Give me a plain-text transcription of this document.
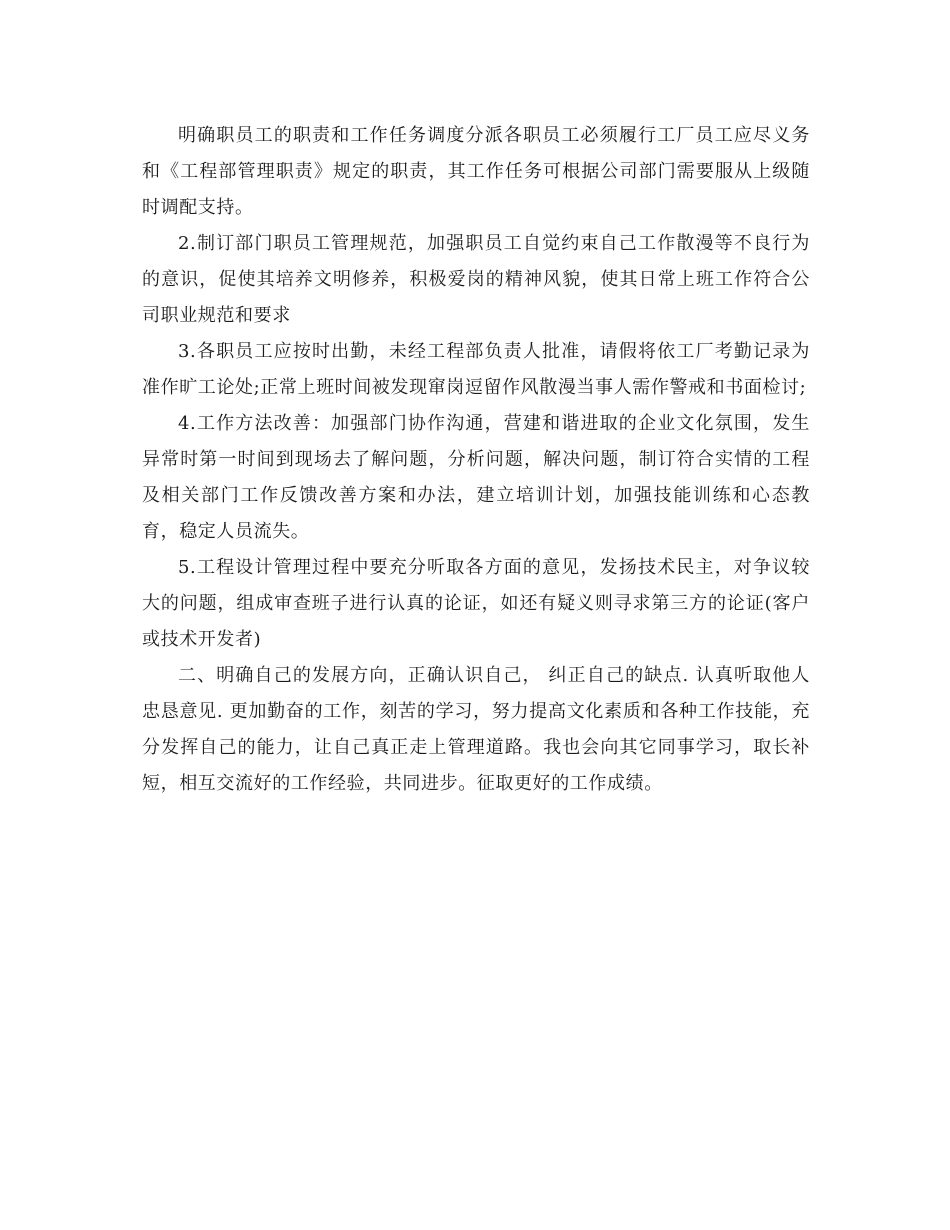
明确职员工的职责和工作任务调度分派各职员工必须履行工厂员工应尽义务和《工程部管理职责》规定的职责，其工作任务可根据公司部门需要服从上级随时调配支持。

2.制订部门职员工管理规范，加强职员工自觉约束自己工作散漫等不良行为的意识，促使其培养文明修养，积极爱岗的精神风貌，使其日常上班工作符合公司职业规范和要求

3.各职员工应按时出勤，未经工程部负责人批准，请假将依工厂考勤记录为准作旷工论处;正常上班时间被发现窜岗逗留作风散漫当事人需作警戒和书面检讨;

4.工作方法改善：加强部门协作沟通，营建和谐进取的企业文化氛围，发生异常时第一时间到现场去了解问题，分析问题，解决问题，制订符合实情的工程及相关部门工作反馈改善方案和办法，建立培训计划，加强技能训练和心态教育，稳定人员流失。

5.工程设计管理过程中要充分听取各方面的意见，发扬技术民主，对争议较大的问题，组成审查班子进行认真的论证，如还有疑义则寻求第三方的论证(客户或技术开发者)

二、明确自己的发展方向，正确认识自己， 纠正自己的缺点. 认真听取他人忠恳意见. 更加勤奋的工作，刻苦的学习，努力提高文化素质和各种工作技能，充分发挥自己的能力，让自己真正走上管理道路。我也会向其它同事学习，取长补短，相互交流好的工作经验，共同进步。征取更好的工作成绩。
